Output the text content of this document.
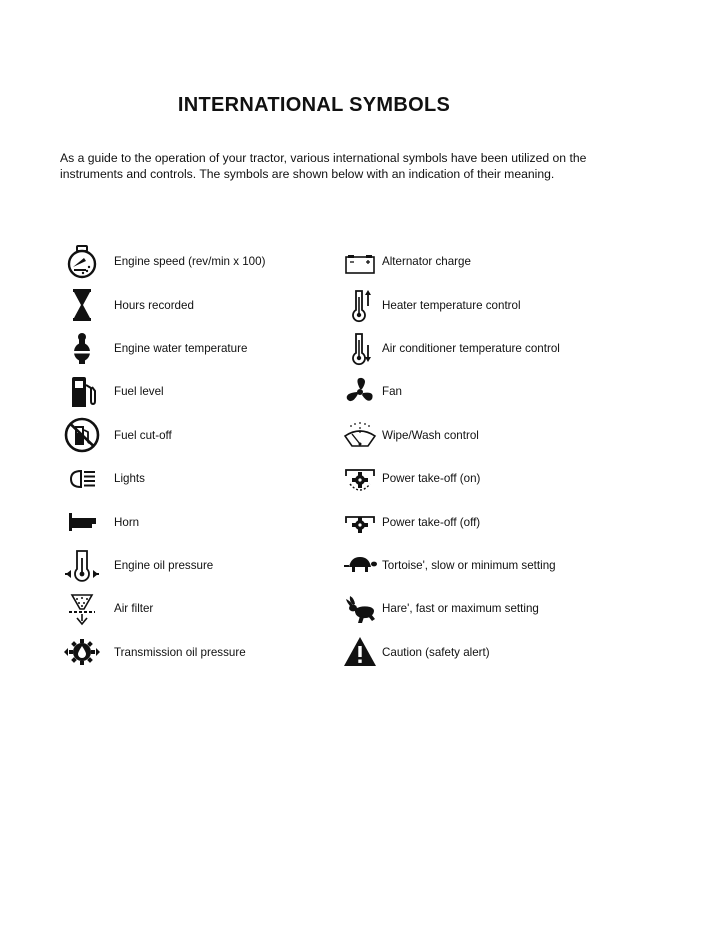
INTERNATIONAL SYMBOLS

As a guide to the operation of your tractor, various international symbols have been utilized on the

instruments and controls. The symbols are shown below with an indication of their meaning.

Engine speed (rev/min x 100)
Hours recorded
Engine water temperature
Fuel level
Fuel cut-off
Lights
Horn
Engine oil pressure
Air filter
Transmission oil pressure
Alternator charge
Heater temperature control
Air conditioner temperature control
Fan
Wipe/Wash control
Power take-off (on)
Power take-off (off)
Tortoise', slow or minimum setting
Hare', fast or maximum setting
Caution (safety alert)
